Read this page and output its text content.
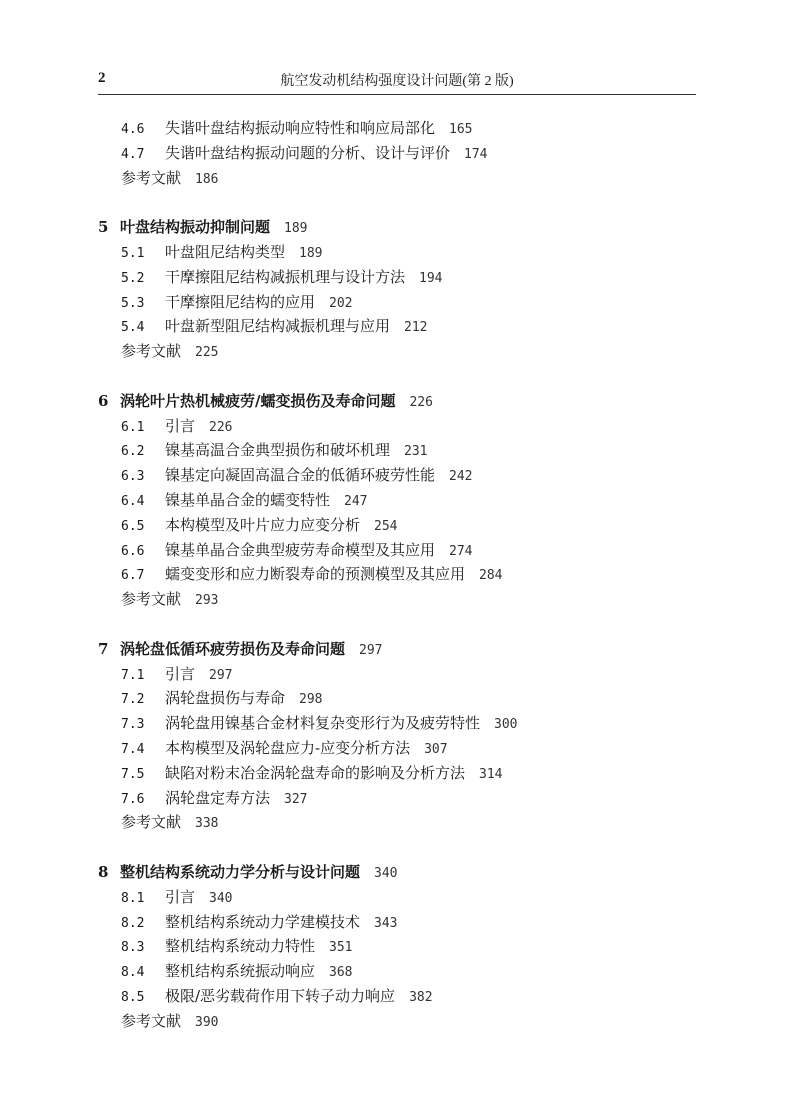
2	航空发动机结构强度设计问题(第 2 版)
4.6 失谐叶盘结构振动响应特性和响应局部化 165
4.7 失谐叶盘结构振动问题的分析、设计与评价 174
参考文献 186
5 叶盘结构振动抑制问题 189
5.1 叶盘阻尼结构类型 189
5.2 干摩擦阻尼结构减振机理与设计方法 194
5.3 干摩擦阻尼结构的应用 202
5.4 叶盘新型阻尼结构减振机理与应用 212
参考文献 225
6 涡轮叶片热机械疲劳/蠕变损伤及寿命问题 226
6.1 引言 226
6.2 镍基高温合金典型损伤和破坏机理 231
6.3 镍基定向凝固高温合金的低循环疲劳性能 242
6.4 镍基单晶合金的蠕变特性 247
6.5 本构模型及叶片应力应变分析 254
6.6 镍基单晶合金典型疲劳寿命模型及其应用 274
6.7 蠕变变形和应力断裂寿命的预测模型及其应用 284
参考文献 293
7 涡轮盘低循环疲劳损伤及寿命问题 297
7.1 引言 297
7.2 涡轮盘损伤与寿命 298
7.3 涡轮盘用镍基合金材料复杂变形行为及疲劳特性 300
7.4 本构模型及涡轮盘应力-应变分析方法 307
7.5 缺陷对粉末冶金涡轮盘寿命的影响及分析方法 314
7.6 涡轮盘定寿方法 327
参考文献 338
8 整机结构系统动力学分析与设计问题 340
8.1 引言 340
8.2 整机结构系统动力学建模技术 343
8.3 整机结构系统动力特性 351
8.4 整机结构系统振动响应 368
8.5 极限/恶劣载荷作用下转子动力响应 382
参考文献 390
